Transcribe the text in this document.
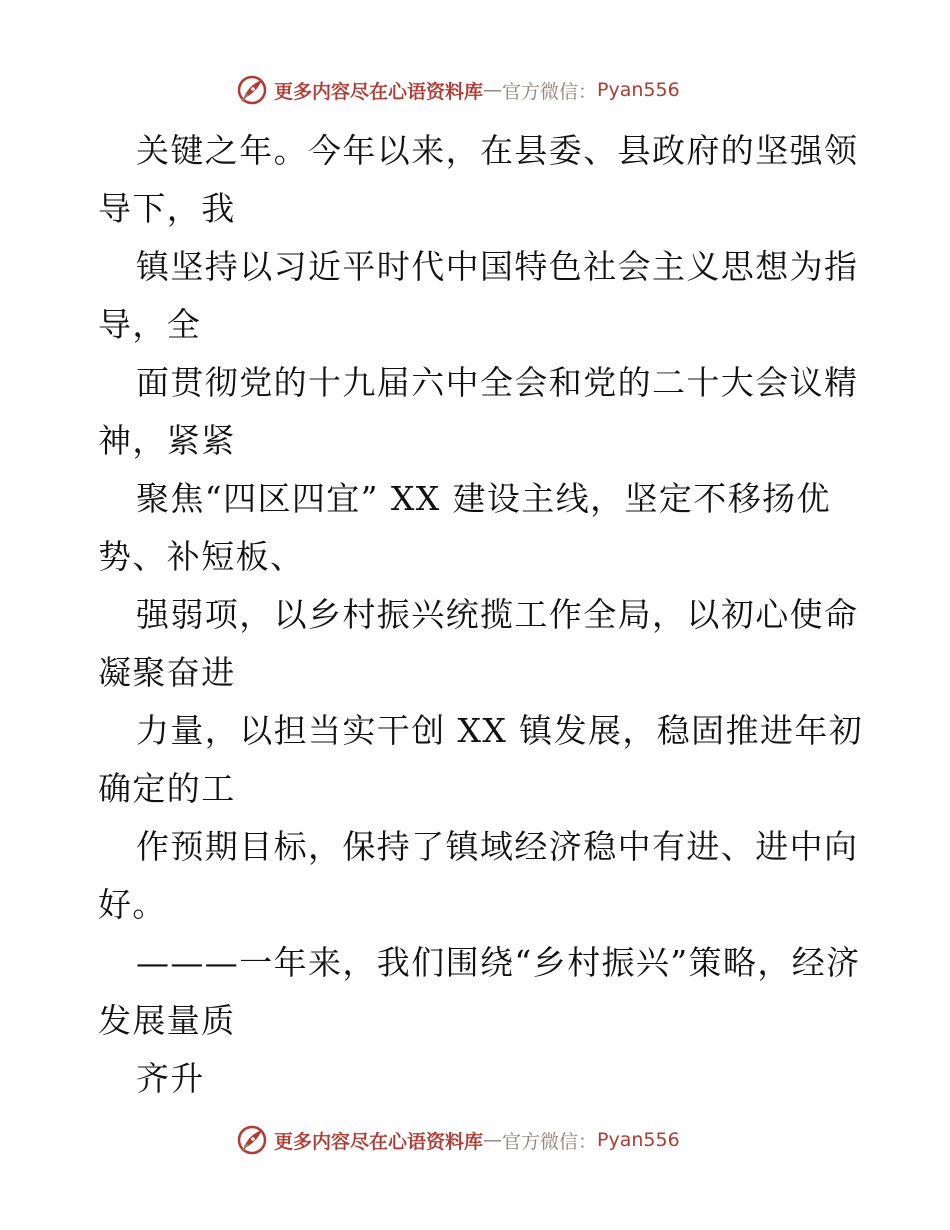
更多内容尽在心语资料库 — 官方微信： Pyan556
关键之年。今年以来，在县委、县政府的坚强领
导下，我
镇坚持以习近平时代中国特色社会主义思想为指
导，全
面贯彻党的十九届六中全会和党的二十大会议精
神，紧紧
聚焦“四区四宜” XX 建设主线，坚定不移扬优
势、补短板、
强弱项，以乡村振兴统揽工作全局，以初心使命
凝聚奋进
力量，以担当实干创 XX 镇发展，稳固推进年初
确定的工
作预期目标，保持了镇域经济稳中有进、进中向
好。
———一年来，我们围绕“乡村振兴”策略，经济
发展量质
齐升
更多内容尽在心语资料库 — 官方微信： Pyan556
